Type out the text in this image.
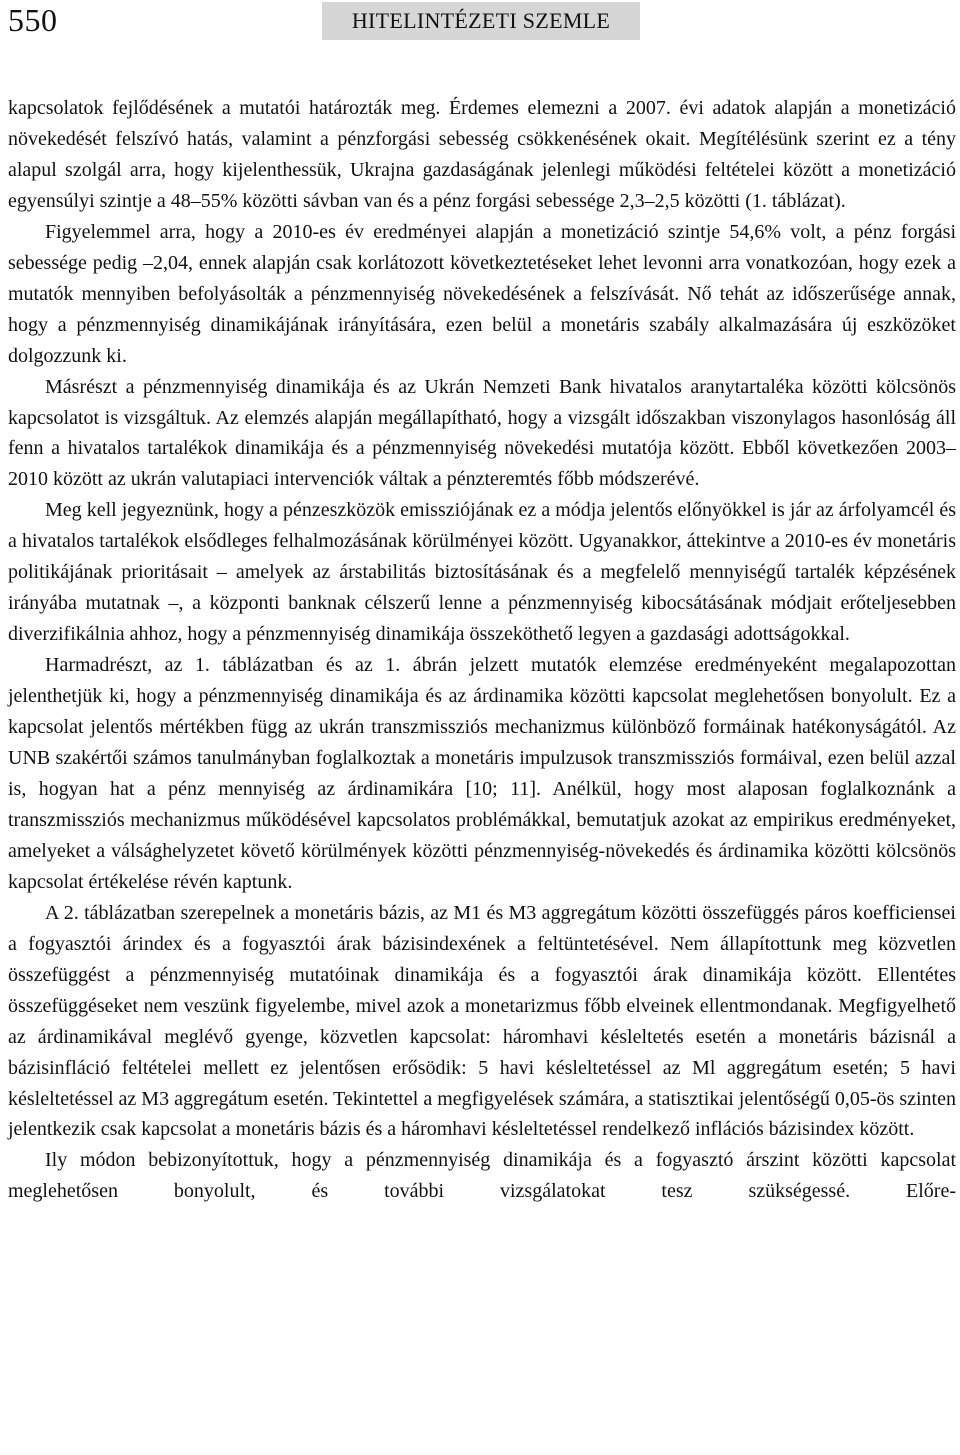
550	HITELINTÉZETI SZEMLE

kapcsolatok fejlődésének a mutatói határozták meg. Érdemes elemezni a 2007. évi adatok alapján a monetizáció növekedését felszívó hatás, valamint a pénzforgási sebesség csökkenésének okait. Megítélésünk szerint ez a tény alapul szolgál arra, hogy kijelenthessük, Ukrajna gazdaságának jelenlegi működési feltételei között a monetizáció egyensúlyi szintje a 48–55% közötti sávban van és a pénz forgási sebessége 2,3–2,5 közötti (1. táblázat).

Figyelemmel arra, hogy a 2010-es év eredményei alapján a monetizáció szintje 54,6% volt, a pénz forgási sebessége pedig –2,04, ennek alapján csak korlátozott következtetéseket lehet levonni arra vonatkozóan, hogy ezek a mutatók mennyiben befolyásolták a pénzmennyiség növekedésének a felszívását. Nő tehát az időszerűsége annak, hogy a pénzmennyiség dinamikájának irányítására, ezen belül a monetáris szabály alkalmazására új eszközöket dolgozzunk ki.

Másrészt a pénzmennyiség dinamikája és az Ukrán Nemzeti Bank hivatalos aranytartaléka közötti kölcsönös kapcsolatot is vizsgáltuk. Az elemzés alapján megállapítható, hogy a vizsgált időszakban viszonylagos hasonlóság áll fenn a hivatalos tartalékok dinamikája és a pénzmennyiség növekedési mutatója között. Ebből következően 2003–2010 között az ukrán valutapiaci intervenciók váltak a pénzteremtés főbb módszerévé.

Meg kell jegyeznünk, hogy a pénzeszközök emissziójának ez a módja jelentős előnyökkel is jár az árfolyamcél és a hivatalos tartalékok elsődleges felhalmozásának körülményei között. Ugyanakkor, áttekintve a 2010-es év monetáris politikájának prioritásait – amelyek az árstabilitás biztosításának és a megfelelő mennyiségű tartalék képzésének irányába mutatnak –, a központi banknak célszerű lenne a pénzmennyiség kibocsátásának módjait erőteljesebben diverzifikálnia ahhoz, hogy a pénzmennyiség dinamikája összeköthető legyen a gazdasági adottságokkal.

Harmadrészt, az 1. táblázatban és az 1. ábrán jelzett mutatók elemzése eredményeként megalapozottan jelenthetjük ki, hogy a pénzmennyiség dinamikája és az árdinamika közötti kapcsolat meglehetősen bonyolult. Ez a kapcsolat jelentős mértékben függ az ukrán transzmissziós mechanizmus különböző formáinak hatékonyságától. Az UNB szakértői számos tanulmányban foglalkoztak a monetáris impulzusok transzmissziós formáival, ezen belül azzal is, hogyan hat a pénz mennyiség az árdinamikára [10; 11]. Anélkül, hogy most alaposan foglalkoznánk a transzmissziós mechanizmus működésével kapcsolatos problémákkal, bemutatjuk azokat az empirikus eredményeket, amelyeket a válsághelyzetet követő körülmények közötti pénzmennyiség-növekedés és árdinamika közötti kölcsönös kapcsolat értékelése révén kaptunk.

A 2. táblázatban szerepelnek a monetáris bázis, az M1 és M3 aggregátum közötti összefüggés páros koefficiensei a fogyasztói árindex és a fogyasztói árak bázisindexének a feltüntetésével. Nem állapítottunk meg közvetlen összefüggést a pénzmennyiség mutatóinak dinamikája és a fogyasztói árak dinamikája között. Ellentétes összefüggéseket nem veszünk figyelembe, mivel azok a monetarizmus főbb elveinek ellentmondanak. Megfigyelhető az árdinamikával meglévő gyenge, közvetlen kapcsolat: háromhavi késleltetés esetén a monetáris bázisnál a bázisinfláció feltételei mellett ez jelentősen erősödik: 5 havi késleltetéssel az Ml aggregátum esetén; 5 havi késleltetéssel az M3 aggregátum esetén. Tekintettel a megfigyelések számára, a statisztikai jelentőségű 0,05-ös szinten jelentkezik csak kapcsolat a monetáris bázis és a háromhavi késleltetéssel rendelkező inflációs bázisindex között.

Ily módon bebizonyítottuk, hogy a pénzmennyiség dinamikája és a fogyasztó árszint közötti kapcsolat meglehetősen bonyolult, és további vizsgálatokat tesz szükségessé. Előre-
